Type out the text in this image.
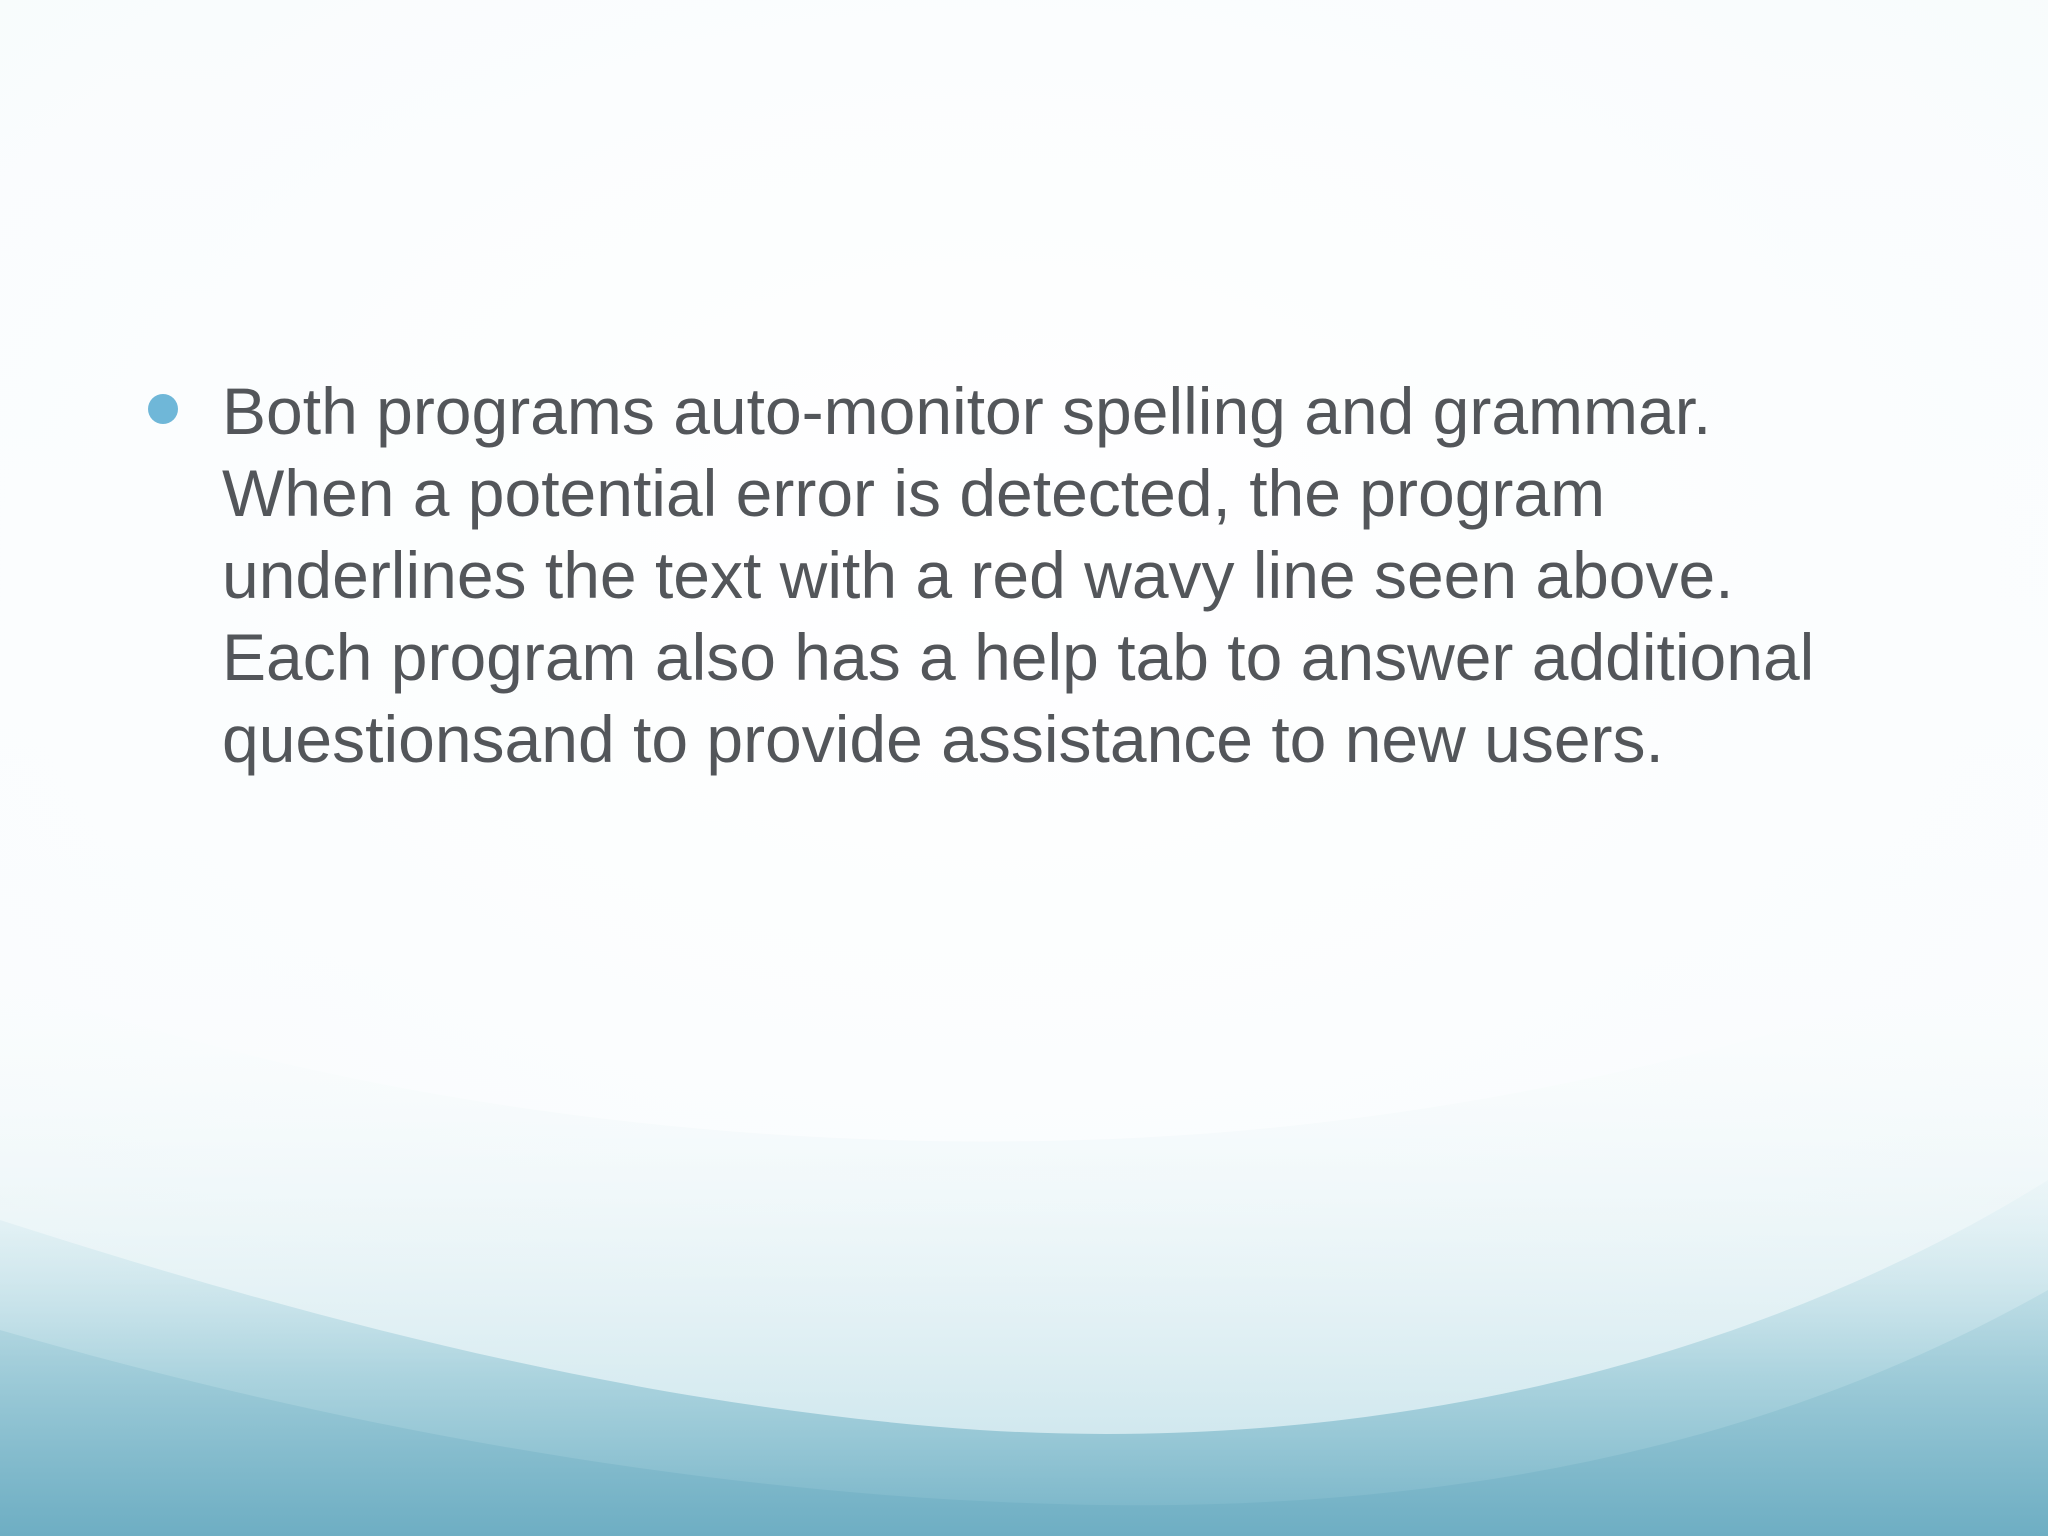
Both programs auto-monitor spelling and grammar.
When a potential error is detected, the program
underlines the text with a red wavy line seen above.
Each program also has a help tab to answer additional
questionsand to provide assistance to new users.
